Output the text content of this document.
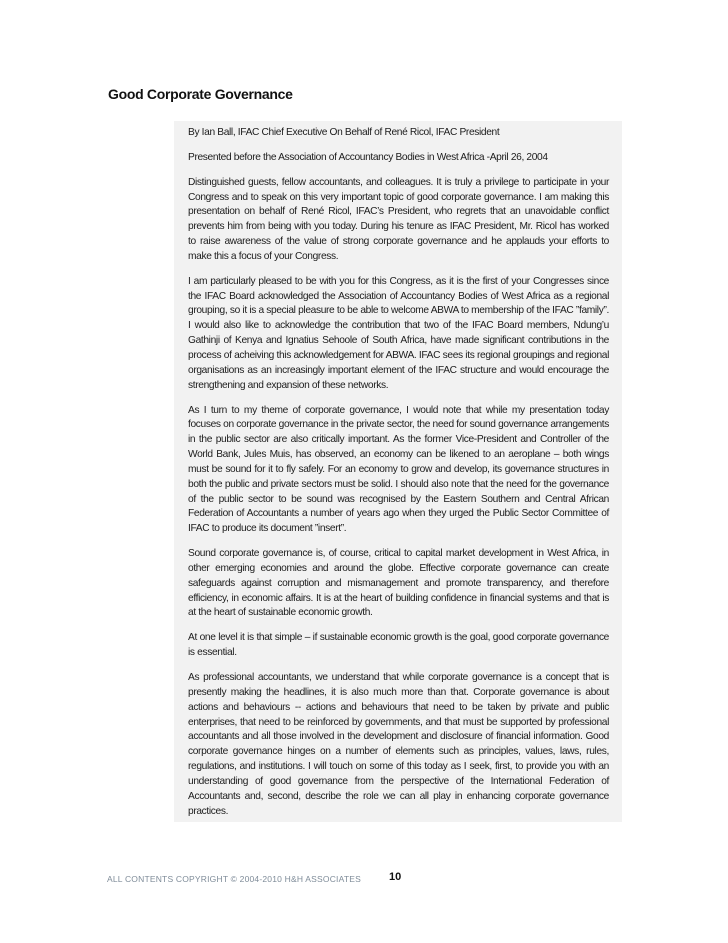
Good Corporate Governance

By Ian Ball, IFAC Chief Executive On Behalf of René Ricol, IFAC President

Presented before the Association of Accountancy Bodies in West Africa -April 26, 2004

Distinguished guests, fellow accountants, and colleagues. It is truly a privilege to participate in your Congress and to speak on this very important topic of good corporate governance. I am making this presentation on behalf of René Ricol, IFAC’s President, who regrets that an unavoidable conflict prevents him from being with you today. During his tenure as IFAC President, Mr. Ricol has worked to raise awareness of the value of strong corporate governance and he applauds your efforts to make this a focus of your Congress.

I am particularly pleased to be with you for this Congress, as it is the first of your Congresses since the IFAC Board acknowledged the Association of Accountancy Bodies of West Africa as a regional grouping, so it is a special pleasure to be able to welcome ABWA to membership of the IFAC ”family”. I would also like to acknowledge the contribution that two of the IFAC Board members, Ndung’u Gathinji of Kenya and Ignatius Sehoole of South Africa, have made significant contributions in the process of acheiving this acknowledgement for ABWA. IFAC sees its regional groupings and regional organisations as an increasingly important element of the IFAC structure and would encourage the strengthening and expansion of these networks.

As I turn to my theme of corporate governance, I would note that while my presentation today focuses on corporate governance in the private sector, the need for sound governance arrangements in the public sector are also critically important. As the former Vice-President and Controller of the World Bank, Jules Muis, has observed, an economy can be likened to an aeroplane – both wings must be sound for it to fly safely. For an economy to grow and develop, its governance structures in both the public and private sectors must be solid. I should also note that the need for the governance of the public sector to be sound was recognised by the Eastern Southern and Central African Federation of Accountants a number of years ago when they urged the Public Sector Committee of IFAC to produce its document ”insert”.

Sound corporate governance is, of course, critical to capital market development in West Africa, in other emerging economies and around the globe. Effective corporate governance can create safeguards against corruption and mismanagement and promote transparency, and therefore efficiency, in economic affairs. It is at the heart of building confidence in financial systems and that is at the heart of sustainable economic growth.

At one level it is that simple – if sustainable economic growth is the goal, good corporate governance is essential.

As professional accountants, we understand that while corporate governance is a concept that is presently making the headlines, it is also much more than that. Corporate governance is about actions and behaviours -- actions and behaviours that need to be taken by private and public enterprises, that need to be reinforced by governments, and that must be supported by professional accountants and all those involved in the development and disclosure of financial information. Good corporate governance hinges on a number of elements such as principles, values, laws, rules, regulations, and institutions. I will touch on some of this today as I seek, first, to provide you with an understanding of good governance from the perspective of the International Federation of Accountants and, second, describe the role we can all play in enhancing corporate governance practices.

ALL CONTENTS COPYRIGHT © 2004-2010 H&H ASSOCIATES	10
